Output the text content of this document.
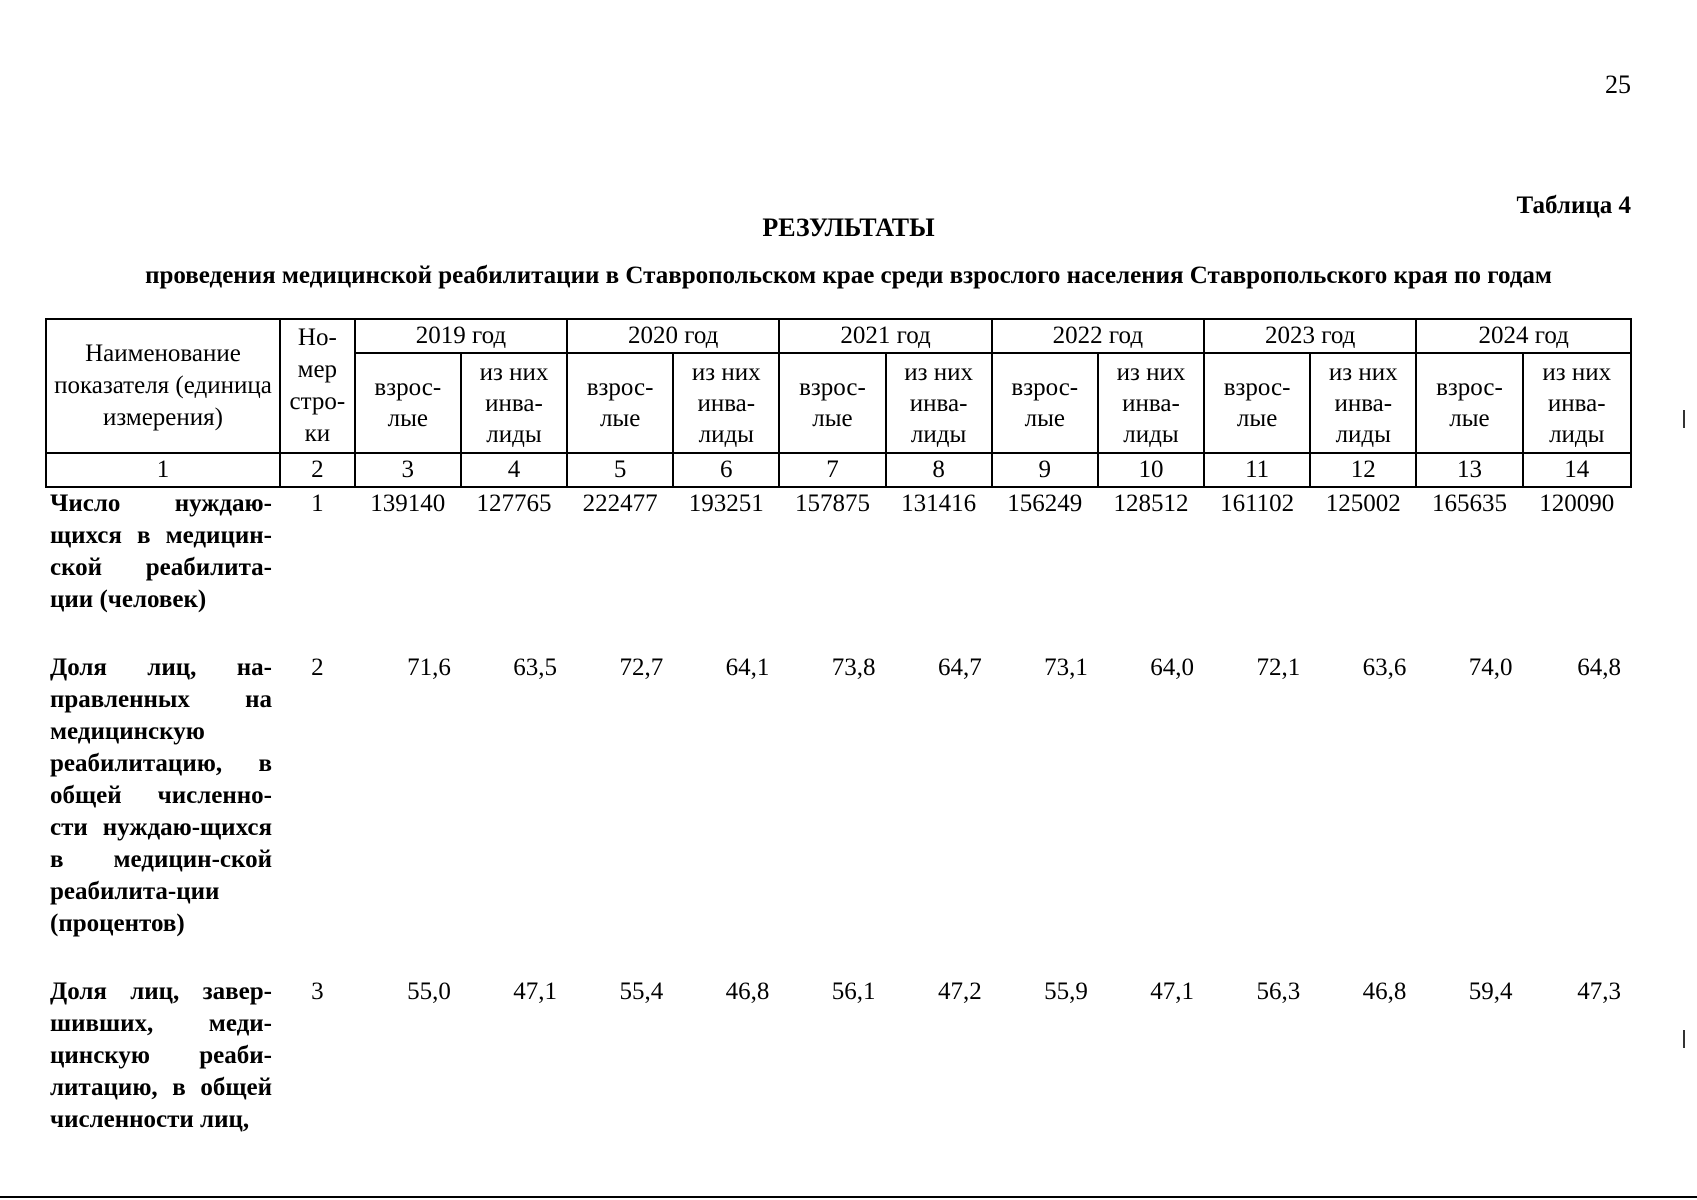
25
Таблица 4
РЕЗУЛЬТАТЫ
проведения медицинской реабилитации в Ставропольском крае среди взрослого населения Ставропольского края по годам
Наименование показателя (единица измерения)	Но-мер стро-ки	2019 год		2020 год		2021 год		2022 год		2023 год		2024 год	
		взрос-лые	из них инва-лиды	взрос-лые	из них инва-лиды	взрос-лые	из них инва-лиды	взрос-лые	из них инва-лиды	взрос-лые	из них инва-лиды	взрос-лые	из них инва-лиды
1	2	3	4	5	6	7	8	9	10	11	12	13	14
Число нуждаю-щихся в медицин-ской реабилита-ции (человек)	1	139140	127765	222477	193251	157875	131416	156249	128512	161102	125002	165635	120090

Доля лиц, на-правленных на медицинскую реабилитацию, в общей численно-сти нуждаю-щихся в медицин-ской реабилита-ции (процентов)	2	71,6	63,5	72,7	64,1	73,8	64,7	73,1	64,0	72,1	63,6	74,0	64,8

Доля лиц, завер-шивших, меди-цинскую реаби-литацию, в общей численности лиц,	3	55,0	47,1	55,4	46,8	56,1	47,2	55,9	47,1	56,3	46,8	59,4	47,3
